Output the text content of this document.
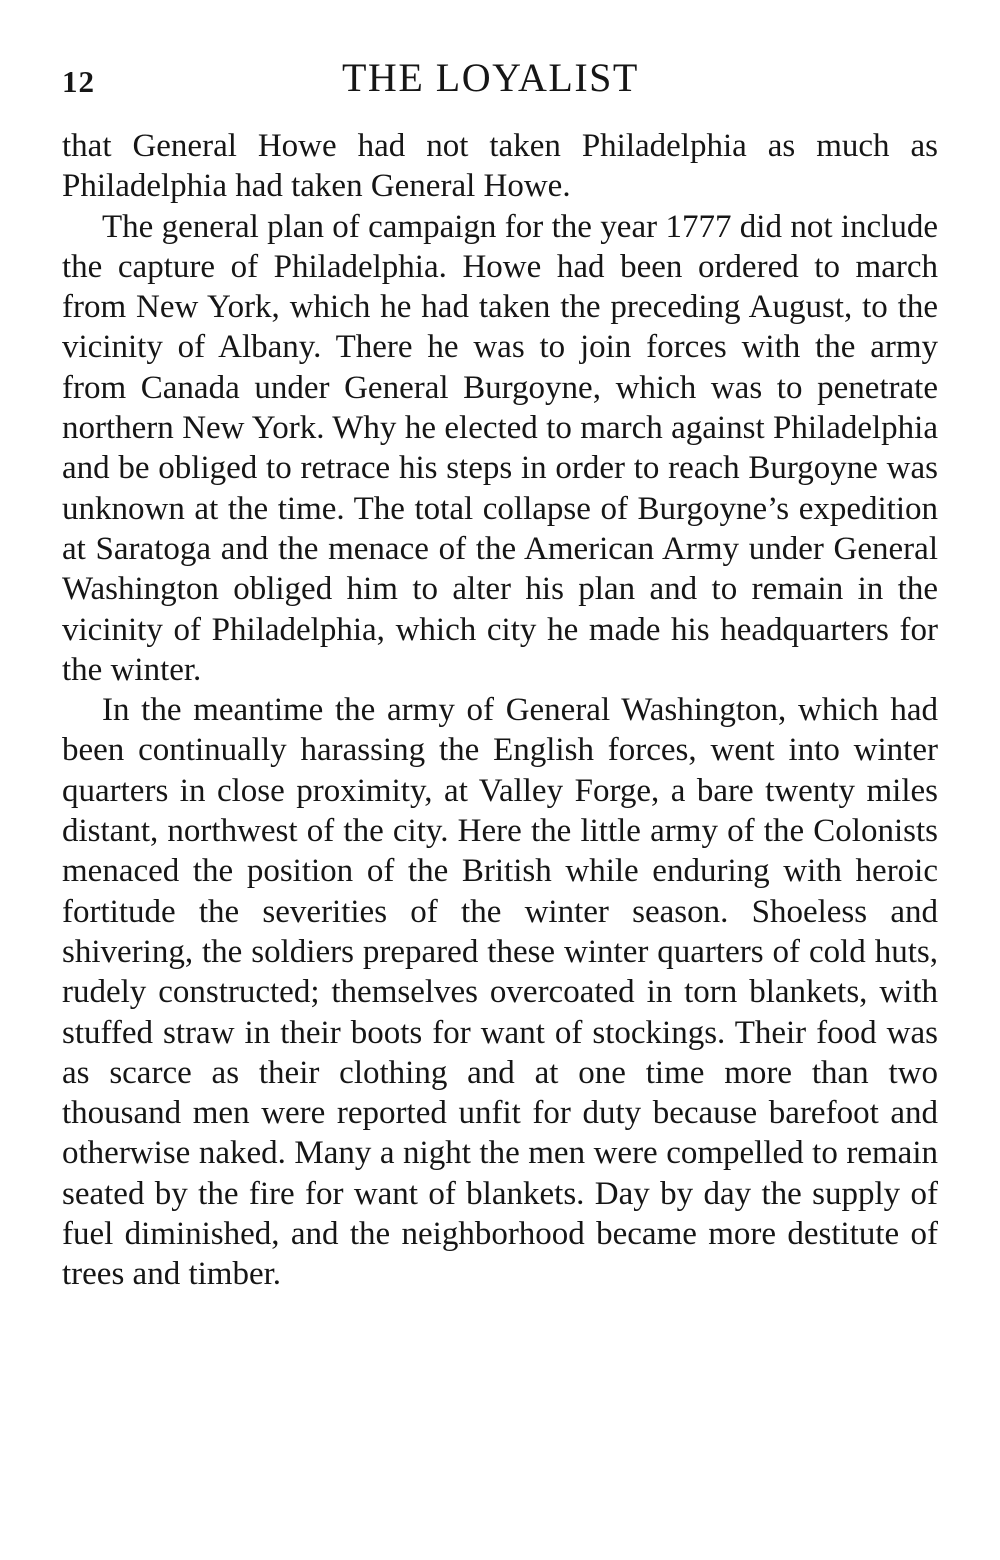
12	THE LOYALIST

that General Howe had not taken Philadelphia as much as Philadelphia had taken General Howe.

The general plan of campaign for the year 1777 did not include the capture of Philadelphia. Howe had been ordered to march from New York, which he had taken the preceding August, to the vicinity of Albany. There he was to join forces with the army from Canada under General Burgoyne, which was to penetrate northern New York. Why he elected to march against Philadelphia and be obliged to retrace his steps in order to reach Burgoyne was unknown at the time. The total collapse of Burgoyne’s expedition at Saratoga and the menace of the American Army under General Washington obliged him to alter his plan and to remain in the vicinity of Philadelphia, which city he made his headquarters for the winter.

In the meantime the army of General Washington, which had been continually harassing the English forces, went into winter quarters in close proximity, at Valley Forge, a bare twenty miles distant, northwest of the city. Here the little army of the Colonists menaced the position of the British while enduring with heroic fortitude the severities of the winter season. Shoeless and shivering, the soldiers prepared these winter quarters of cold huts, rudely constructed; themselves overcoated in torn blankets, with stuffed straw in their boots for want of stockings. Their food was as scarce as their clothing and at one time more than two thousand men were reported unfit for duty because barefoot and otherwise naked. Many a night the men were compelled to remain seated by the fire for want of blankets. Day by day the supply of fuel diminished, and the neighborhood became more destitute of trees and timber.
